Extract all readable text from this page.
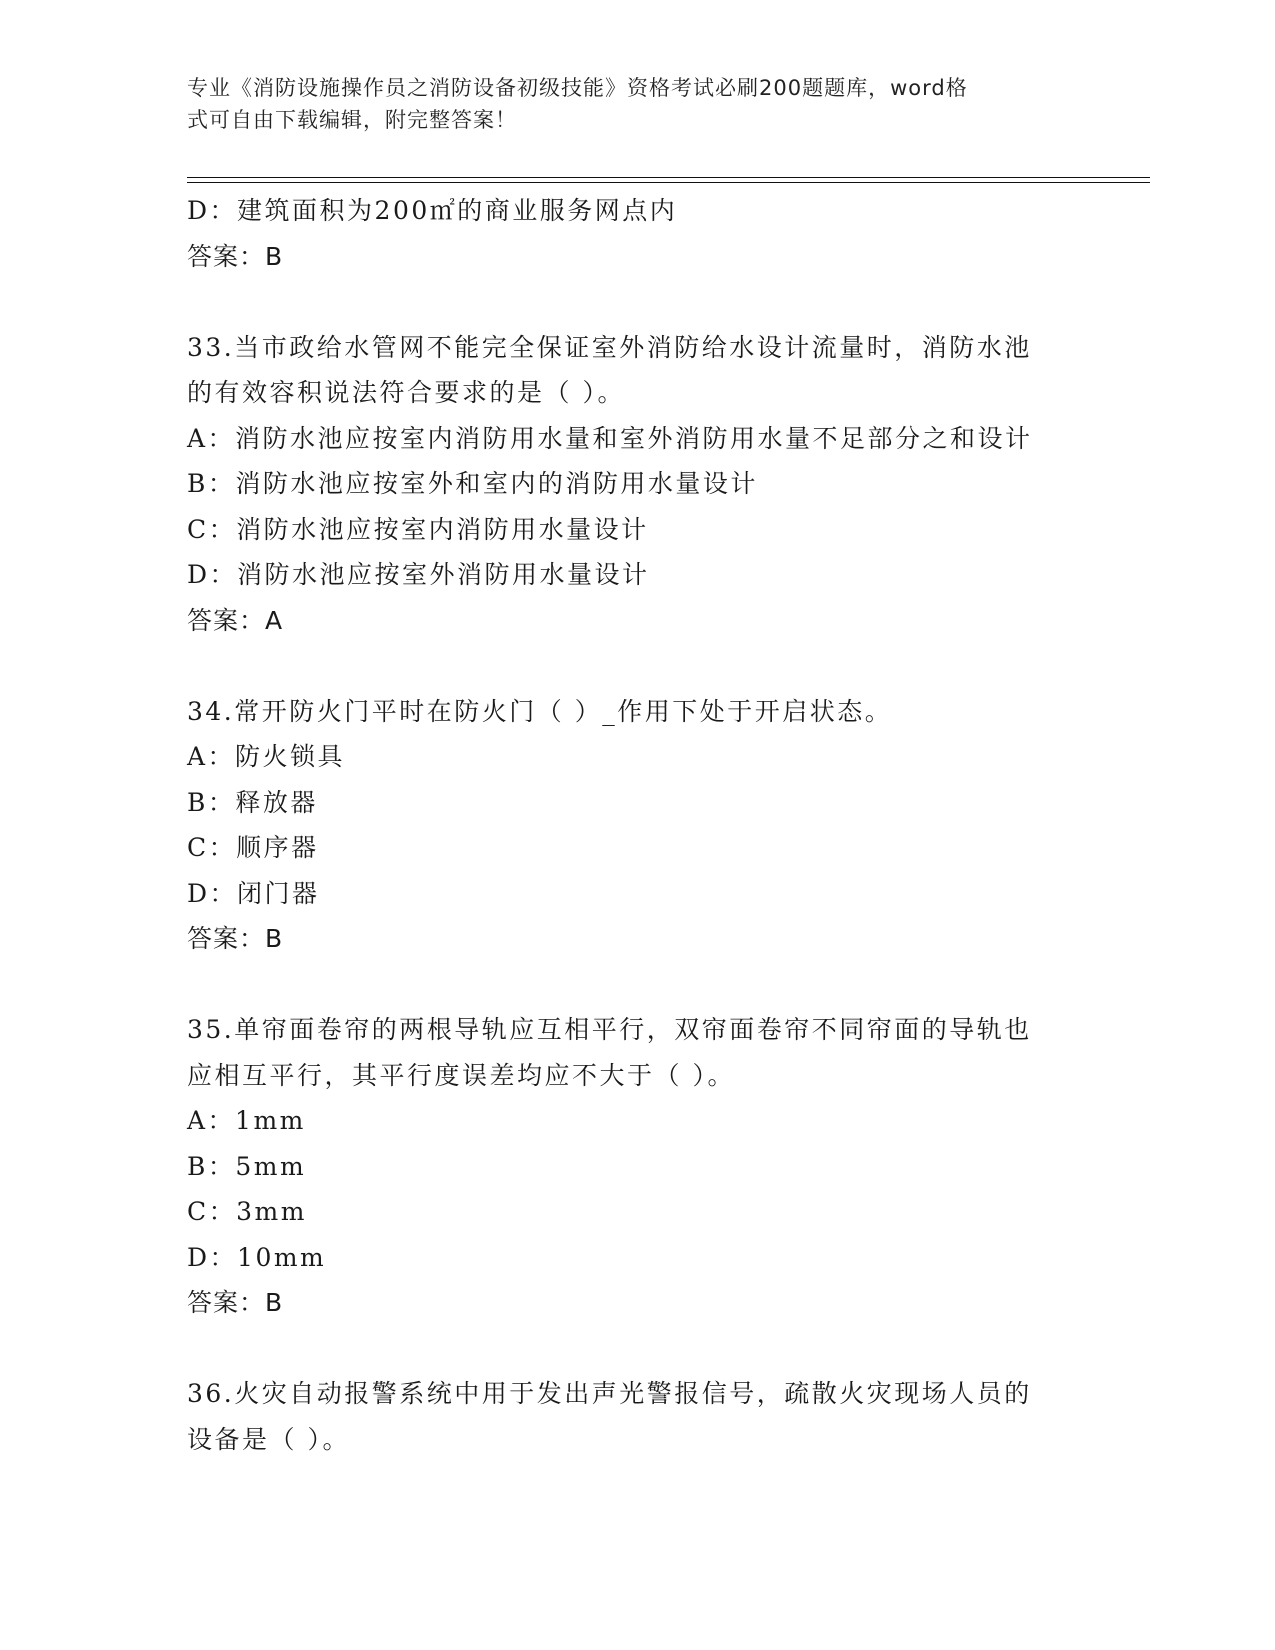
专业《消防设施操作员之消防设备初级技能》资格考试必刷200题题库，word格
式可自由下载编辑，附完整答案！
D：建筑面积为200㎡的商业服务网点内
答案：B
33.当市政给水管网不能完全保证室外消防给水设计流量时，消防水池
的有效容积说法符合要求的是（ ）。
A：消防水池应按室内消防用水量和室外消防用水量不足部分之和设计
B：消防水池应按室外和室内的消防用水量设计
C：消防水池应按室内消防用水量设计
D：消防水池应按室外消防用水量设计
答案：A
34.常开防火门平时在防火门（ ）_作用下处于开启状态。
A：防火锁具
B：释放器
C：顺序器
D：闭门器
答案：B
35.单帘面卷帘的两根导轨应互相平行，双帘面卷帘不同帘面的导轨也
应相互平行，其平行度误差均应不大于（ ）。
A：1mm
B：5mm
C：3mm
D：10mm
答案：B
36.火灾自动报警系统中用于发出声光警报信号，疏散火灾现场人员的
设备是（ ）。
